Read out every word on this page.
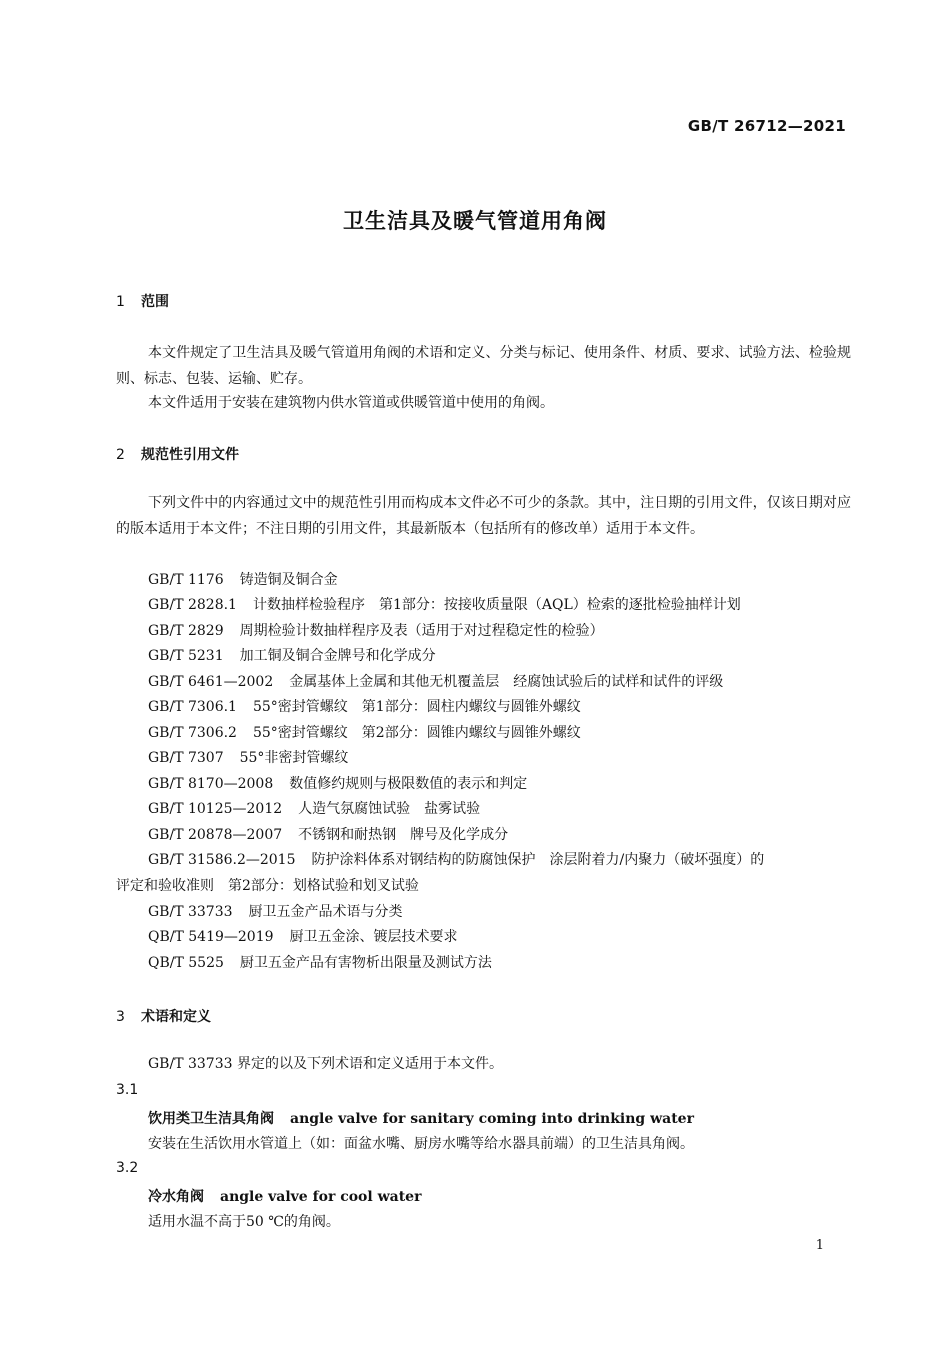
GB/T 26712—2021
卫生洁具及暖气管道用角阀
1 范围
本文件规定了卫生洁具及暖气管道用角阀的术语和定义、分类与标记、使用条件、材质、要求、试验方法、检验规则、标志、包装、运输、贮存。
本文件适用于安装在建筑物内供水管道或供暖管道中使用的角阀。
2 规范性引用文件
下列文件中的内容通过文中的规范性引用而构成本文件必不可少的条款。其中，注日期的引用文件，仅该日期对应的版本适用于本文件；不注日期的引用文件，其最新版本（包括所有的修改单）适用于本文件。
GB/T 1176 铸造铜及铜合金
GB/T 2828.1 计数抽样检验程序　第1部分：按接收质量限（AQL）检索的逐批检验抽样计划
GB/T 2829 周期检验计数抽样程序及表（适用于对过程稳定性的检验）
GB/T 5231 加工铜及铜合金牌号和化学成分
GB/T 6461—2002 金属基体上金属和其他无机覆盖层　经腐蚀试验后的试样和试件的评级
GB/T 7306.1 55°密封管螺纹　第1部分：圆柱内螺纹与圆锥外螺纹
GB/T 7306.2 55°密封管螺纹　第2部分：圆锥内螺纹与圆锥外螺纹
GB/T 7307 55°非密封管螺纹
GB/T 8170—2008 数值修约规则与极限数值的表示和判定
GB/T 10125—2012 人造气氛腐蚀试验　盐雾试验
GB/T 20878—2007 不锈钢和耐热钢　牌号及化学成分
GB/T 31586.2—2015 防护涂料体系对钢结构的防腐蚀保护　涂层附着力/内聚力（破坏强度）的
评定和验收准则　第2部分：划格试验和划叉试验
GB/T 33733 厨卫五金产品术语与分类
QB/T 5419—2019 厨卫五金涂、镀层技术要求
QB/T 5525 厨卫五金产品有害物析出限量及测试方法
3 术语和定义
GB/T 33733 界定的以及下列术语和定义适用于本文件。
3.1
饮用类卫生洁具角阀 angle valve for sanitary coming into drinking water
安装在生活饮用水管道上（如：面盆水嘴、厨房水嘴等给水器具前端）的卫生洁具角阀。
3.2
冷水角阀 angle valve for cool water
适用水温不高于50 ℃的角阀。
1
